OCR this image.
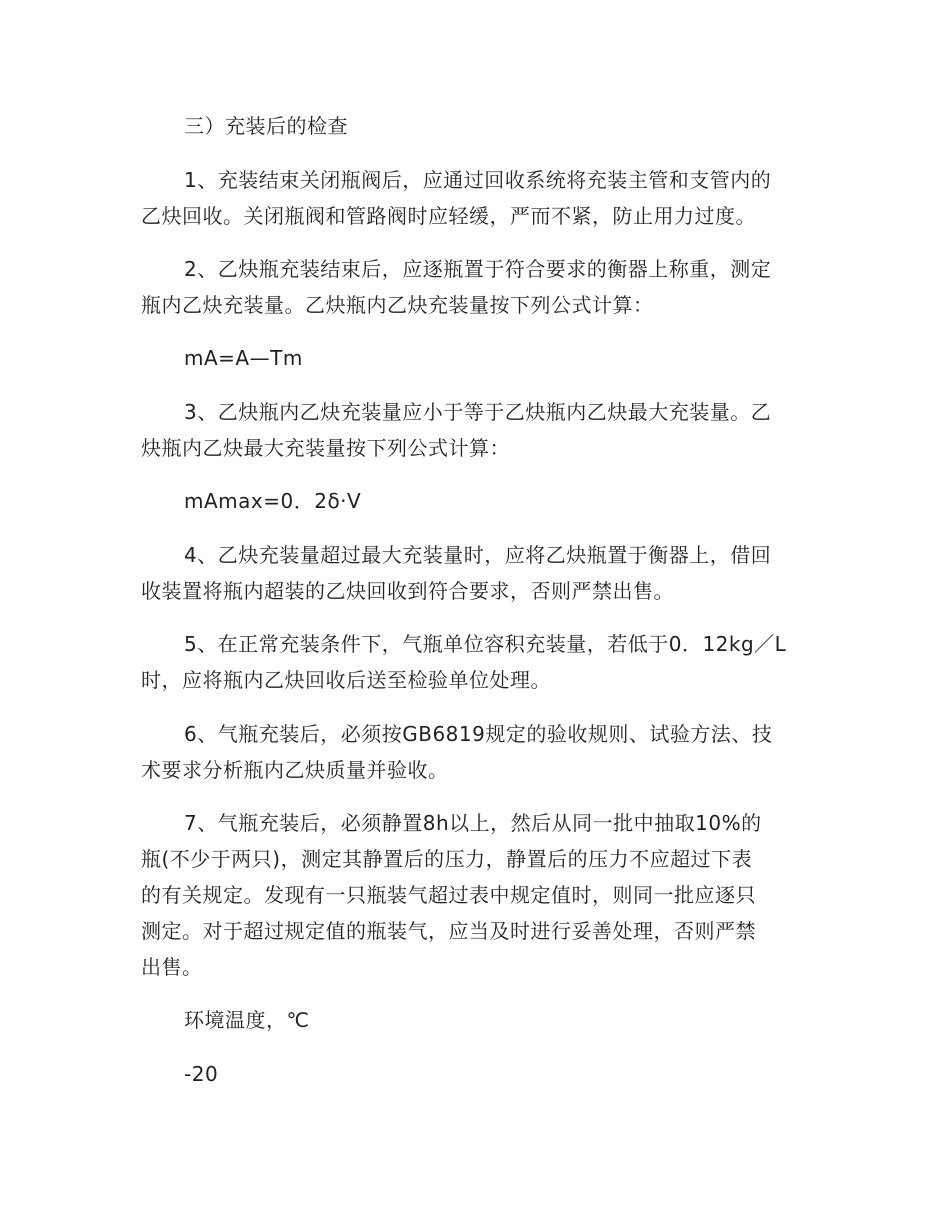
三）充装后的检查
1、充装结束关闭瓶阀后，应通过回收系统将充装主管和支管内的
乙炔回收。关闭瓶阀和管路阀时应轻缓，严而不紧，防止用力过度。
2、乙炔瓶充装结束后，应逐瓶置于符合要求的衡器上称重，测定
瓶内乙炔充装量。乙炔瓶内乙炔充装量按下列公式计算：
mA=A—Tm
3、乙炔瓶内乙炔充装量应小于等于乙炔瓶内乙炔最大充装量。乙
炔瓶内乙炔最大充装量按下列公式计算：
mAmax=0．2δ·V
4、乙炔充装量超过最大充装量时，应将乙炔瓶置于衡器上，借回
收装置将瓶内超装的乙炔回收到符合要求，否则严禁出售。
5、在正常充装条件下，气瓶单位容积充装量，若低于0．12kg／L
时，应将瓶内乙炔回收后送至检验单位处理。
6、气瓶充装后，必须按GB6819规定的验收规则、试验方法、技
术要求分析瓶内乙炔质量并验收。
7、气瓶充装后，必须静置8h以上，然后从同一批中抽取10%的
瓶(不少于两只)，测定其静置后的压力，静置后的压力不应超过下表
的有关规定。发现有一只瓶装气超过表中规定值时，则同一批应逐只
测定。对于超过规定值的瓶装气，应当及时进行妥善处理，否则严禁
出售。
环境温度，℃
-20
